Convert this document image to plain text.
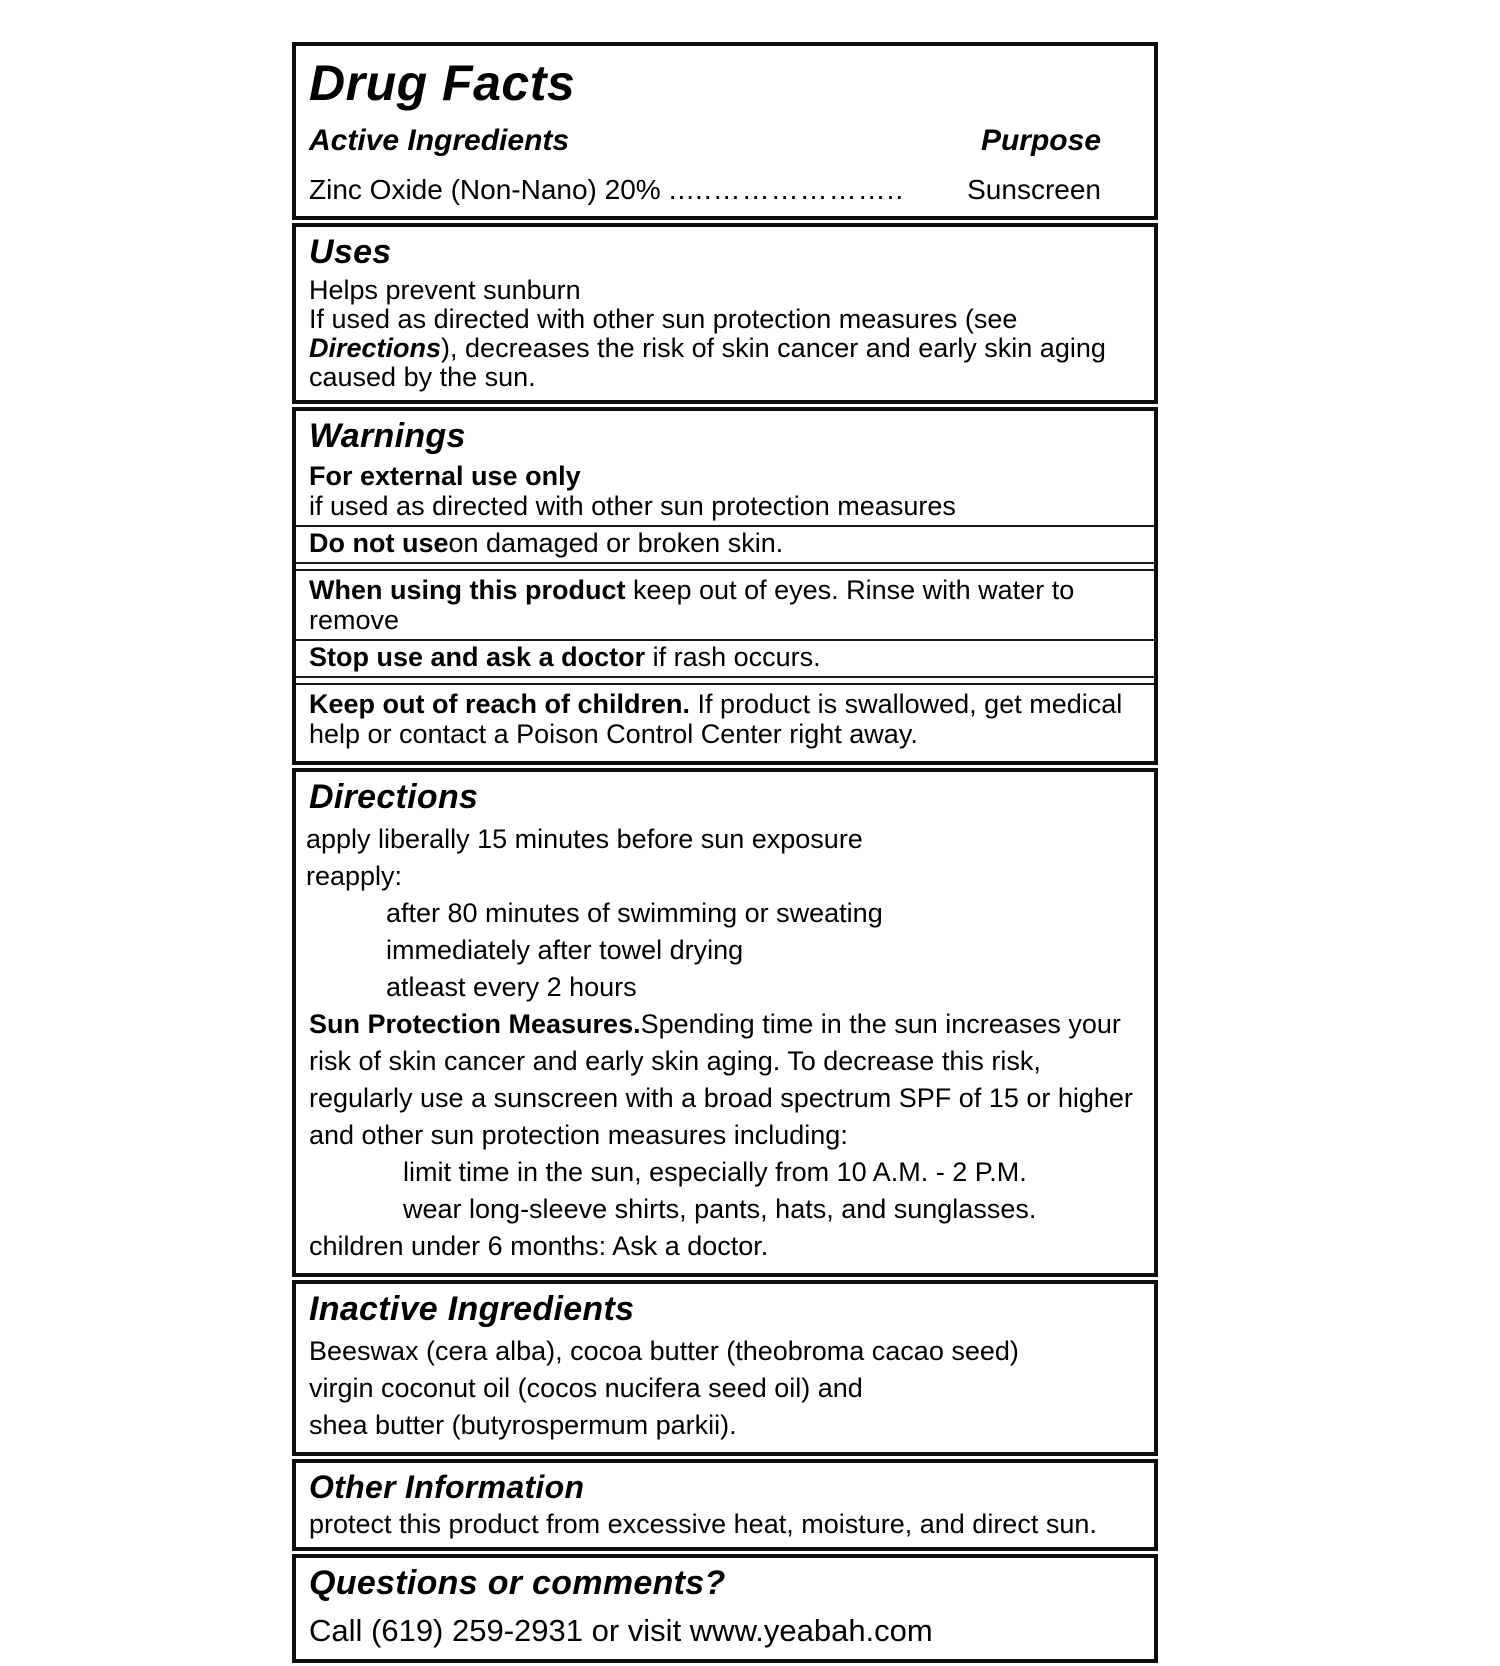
Drug Facts
Active Ingredients	Purpose
Zinc Oxide (Non-Nano) 20% .....………………..	Sunscreen
Uses
Helps prevent sunburn
If used as directed with other sun protection measures (see Directions), decreases the risk of skin cancer and early skin aging caused by the sun.
Warnings
For external use only
if used as directed with other sun protection measures
Do not useon damaged or broken skin.
When using this product keep out of eyes. Rinse with water to remove
Stop use and ask a doctor if rash occurs.
Keep out of reach of children. If product is swallowed, get medical help or contact a Poison Control Center right away.
Directions
apply liberally 15 minutes before sun exposure
reapply:
after 80 minutes of swimming or sweating
immediately after towel drying
atleast every 2 hours
Sun Protection Measures.Spending time in the sun increases your risk of skin cancer and early skin aging. To decrease this risk, regularly use a sunscreen with a broad spectrum SPF of 15 or higher and other sun protection measures including:
limit time in the sun, especially from 10 A.M. - 2 P.M.
wear long-sleeve shirts, pants, hats, and sunglasses.
children under 6 months: Ask a doctor.
Inactive Ingredients
Beeswax (cera alba), cocoa butter (theobroma cacao seed)
virgin coconut oil (cocos nucifera seed oil) and
shea butter (butyrospermum parkii).
Other Information
protect this product from excessive heat, moisture, and direct sun.
Questions or comments?
Call (619) 259-2931 or visit www.yeabah.com
